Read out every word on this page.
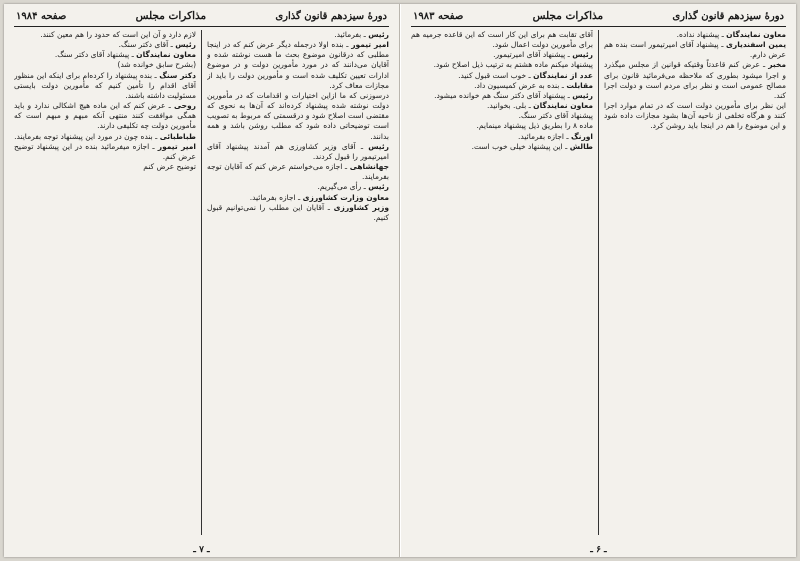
دورهٔ سیزدهم قانون گذاری
مذاکرات مجلس
صفحه ۱۹۸۴

رئیس ـ بفرمائید.

امیر تیمور ـ بنده اولا درجمله دیگر عرض کنم که در اینجا مطلبی که درقانون موضوع بحث ما هست نوشته شده و آقایان می‌دانند که در مورد مأمورین دولت و در موضوع ادارات تعیین تکلیف شده است و مأمورین دولت را باید از مجازات معاف کرد.

درسوزنی که ما ازاین اختیارات و اقدامات که در مأمورین دولت نوشته شده پیشنهاد کرده‌اند که آن‌ها به نحوی که مقتضی است اصلاح شود و درقسمتی که مربوط به تصویب است توضیحاتی داده شود که مطلب روشن باشد و همه بدانند.

رئیس ـ آقای وزیر کشاورزی هم آمدند پیشنهاد آقای امیرتیمور را قبول کردند.

جهانشاهی ـ اجازه می‌خواستم عرض کنم که آقایان توجه بفرمایند.

رئیس ـ رأی می‌گیریم.

معاون وزارت کشاورزی ـ اجازه بفرمائید.

وزیر کشاورزی ـ آقایان این مطلب را نمی‌توانیم قبول کنیم.

لازم دارد و آن این است که حدود را هم معین کنند.

رئیس ـ آقای دکتر سنگ.

معاون نمایندگان ـ پیشنهاد آقای دکتر سنگ.

(بشرح سابق خوانده شد)

دکتر سنگ ـ بنده پیشنهاد را کرده‌ام برای اینکه این منظور آقای اقدام را تأمین کنیم که مأمورین دولت بایستی مسئولیت داشته باشند.

روحی ـ عرض کنم که این ماده هیچ اشکالی ندارد و باید همگی موافقت کنند منتهی آنکه مبهم و مبهم است که مأمورین دولت چه تکلیفی دارند.

طباطبائی ـ بنده چون در مورد این پیشنهاد توجه بفرمایند.

امیر تیمور ـ اجازه میفرمائید بنده در این پیشنهاد توضیح عرض کنم.

توضیح عرض کنم

ـ ۷ ـ
دورهٔ سیزدهم قانون گذاری
مذاکرات مجلس
صفحه ۱۹۸۳

معاون نمایندگان ـ پیشنهاد نداده.

یمین اسفندیاری ـ پیشنهاد آقای امیرتیمور است بنده هم عرض دارم.

مخبر ـ عرض کنم قاعدتاً وقتیکه قوانین از مجلس میگذرد و اجرا میشود بطوری که ملاحظه می‌فرمائید قانون برای مصالح عمومی است و نظر برای مردم است و دولت اجرا کند.

این نظر برای مأمورین دولت است که در تمام موارد اجرا کنند و هرگاه تخلفی از ناحیه آن‌ها بشود مجازات داده شود و این موضوع را هم در اینجا باید روشن کرد.

آقای تقابت هم برای این کار است که این قاعده جرمیه هم برای مأمورین دولت اعمال شود.

رئیس ـ پیشنهاد آقای امیرتیمور.

پیشنهاد میکنم ماده هشتم به ترتیب ذیل اصلاح شود.

عدد از نمایندگان ـ خوب است قبول کنید.

مقابلت ـ بنده به عرض کمیسیون داد.

رئیس ـ پیشنهاد آقای دکتر سنگ هم خوانده میشود.

معاون نمایندگان ـ بلی. بخوانید.

پیشنهاد آقای دکتر سنگ.

ماده ۸ را بطریق ذیل پیشنهاد مینمایم.

اورنگ ـ اجازه بفرمائید.

طالش ـ این پیشنهاد خیلی خوب است.

ـ ۶ ـ
